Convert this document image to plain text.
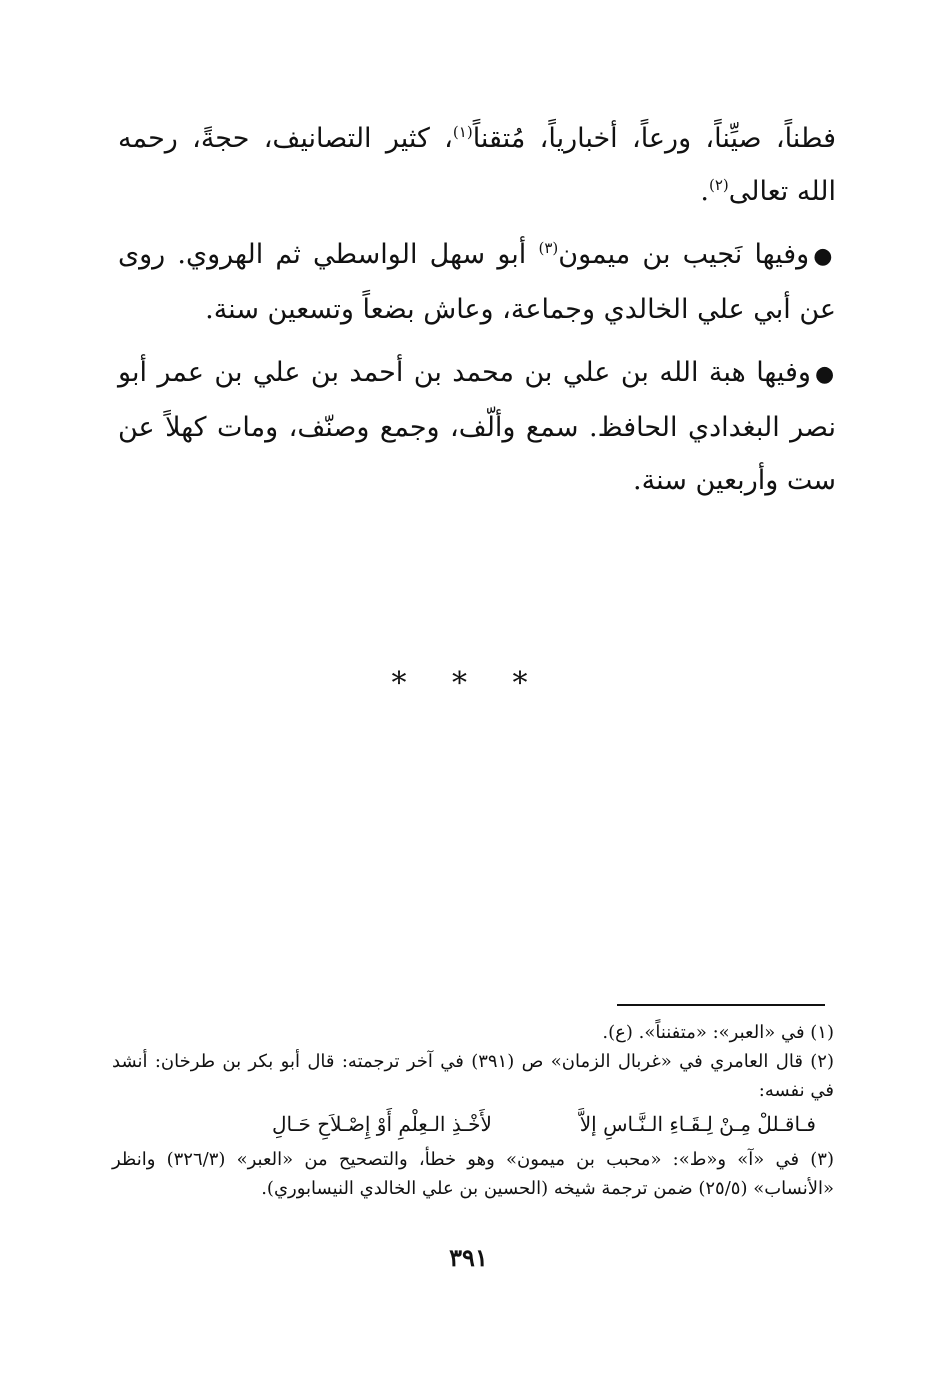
فطناً، صيِّناً، ورعاً، أخبارياً، مُتقناً$^{(١)}$، كثير التصانيف، حجةً، رحمه الله تعالى$^{(٢)}$.

●وفيها نَجيب بن ميمون$^{(٣)}$ أبو سهل الواسطي ثم الهروي. روى عن أبي علي الخالدي وجماعة، وعاش بضعاً وتسعين سنة.

●وفيها هبة الله بن علي بن محمد بن أحمد بن علي بن عمر أبو نصر البغدادي الحافظ. سمع وألّف، وجمع وصنّف، ومات كهلاً عن ست وأربعين سنة.

* * *

(١) في «العبر»: «متفنناً». (ع).

(٢) قال العامري في «غربال الزمان» ص (٣٩١) في آخر ترجمته: قال أبو بكر بن طرخان: أنشد في نفسه:

فـاقـللْ مِـنْ لِـقَـاءِ الـنَّـاسِ إلاَّ
لأَخْـذِ الـعِلْمِ أَوْ إِصْـلاَحِ حَـالِ

(٣) في «آ» و«ط»: «محبب بن ميمون» وهو خطأ، والتصحيح من «العبر» (٣٢٦/٣) وانظر «الأنساب» (٢٥/٥) ضمن ترجمة شيخه (الحسين بن علي الخالدي النيسابوري).

٣٩١
